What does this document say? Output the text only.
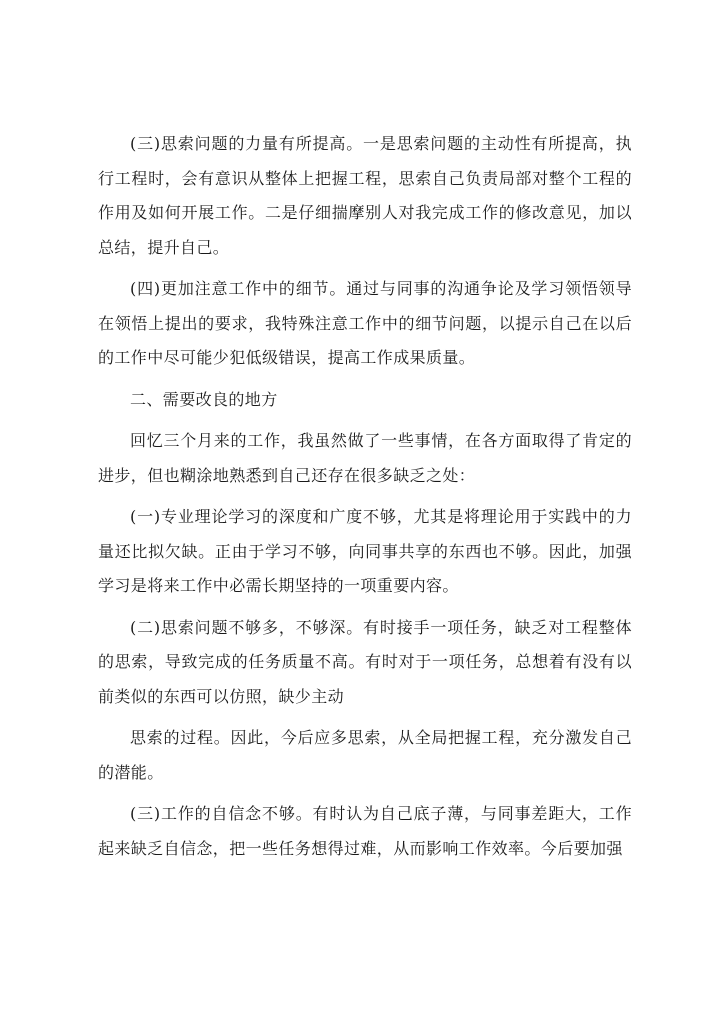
(三)思索问题的力量有所提高。一是思索问题的主动性有所提高，执行工程时，会有意识从整体上把握工程，思索自己负责局部对整个工程的作用及如何开展工作。二是仔细揣摩别人对我完成工作的修改意见，加以总结，提升自己。

(四)更加注意工作中的细节。通过与同事的沟通争论及学习领悟领导在领悟上提出的要求，我特殊注意工作中的细节问题，以提示自己在以后的工作中尽可能少犯低级错误，提高工作成果质量。

二、需要改良的地方

回忆三个月来的工作，我虽然做了一些事情，在各方面取得了肯定的进步，但也糊涂地熟悉到自己还存在很多缺乏之处：

(一)专业理论学习的深度和广度不够，尤其是将理论用于实践中的力量还比拟欠缺。正由于学习不够，向同事共享的东西也不够。因此，加强学习是将来工作中必需长期坚持的一项重要内容。

(二)思索问题不够多，不够深。有时接手一项任务，缺乏对工程整体的思索，导致完成的任务质量不高。有时对于一项任务，总想着有没有以前类似的东西可以仿照，缺少主动

思索的过程。因此，今后应多思索，从全局把握工程，充分激发自己的潜能。

(三)工作的自信念不够。有时认为自己底子薄，与同事差距大，工作起来缺乏自信念，把一些任务想得过难，从而影响工作效率。今后要加强
